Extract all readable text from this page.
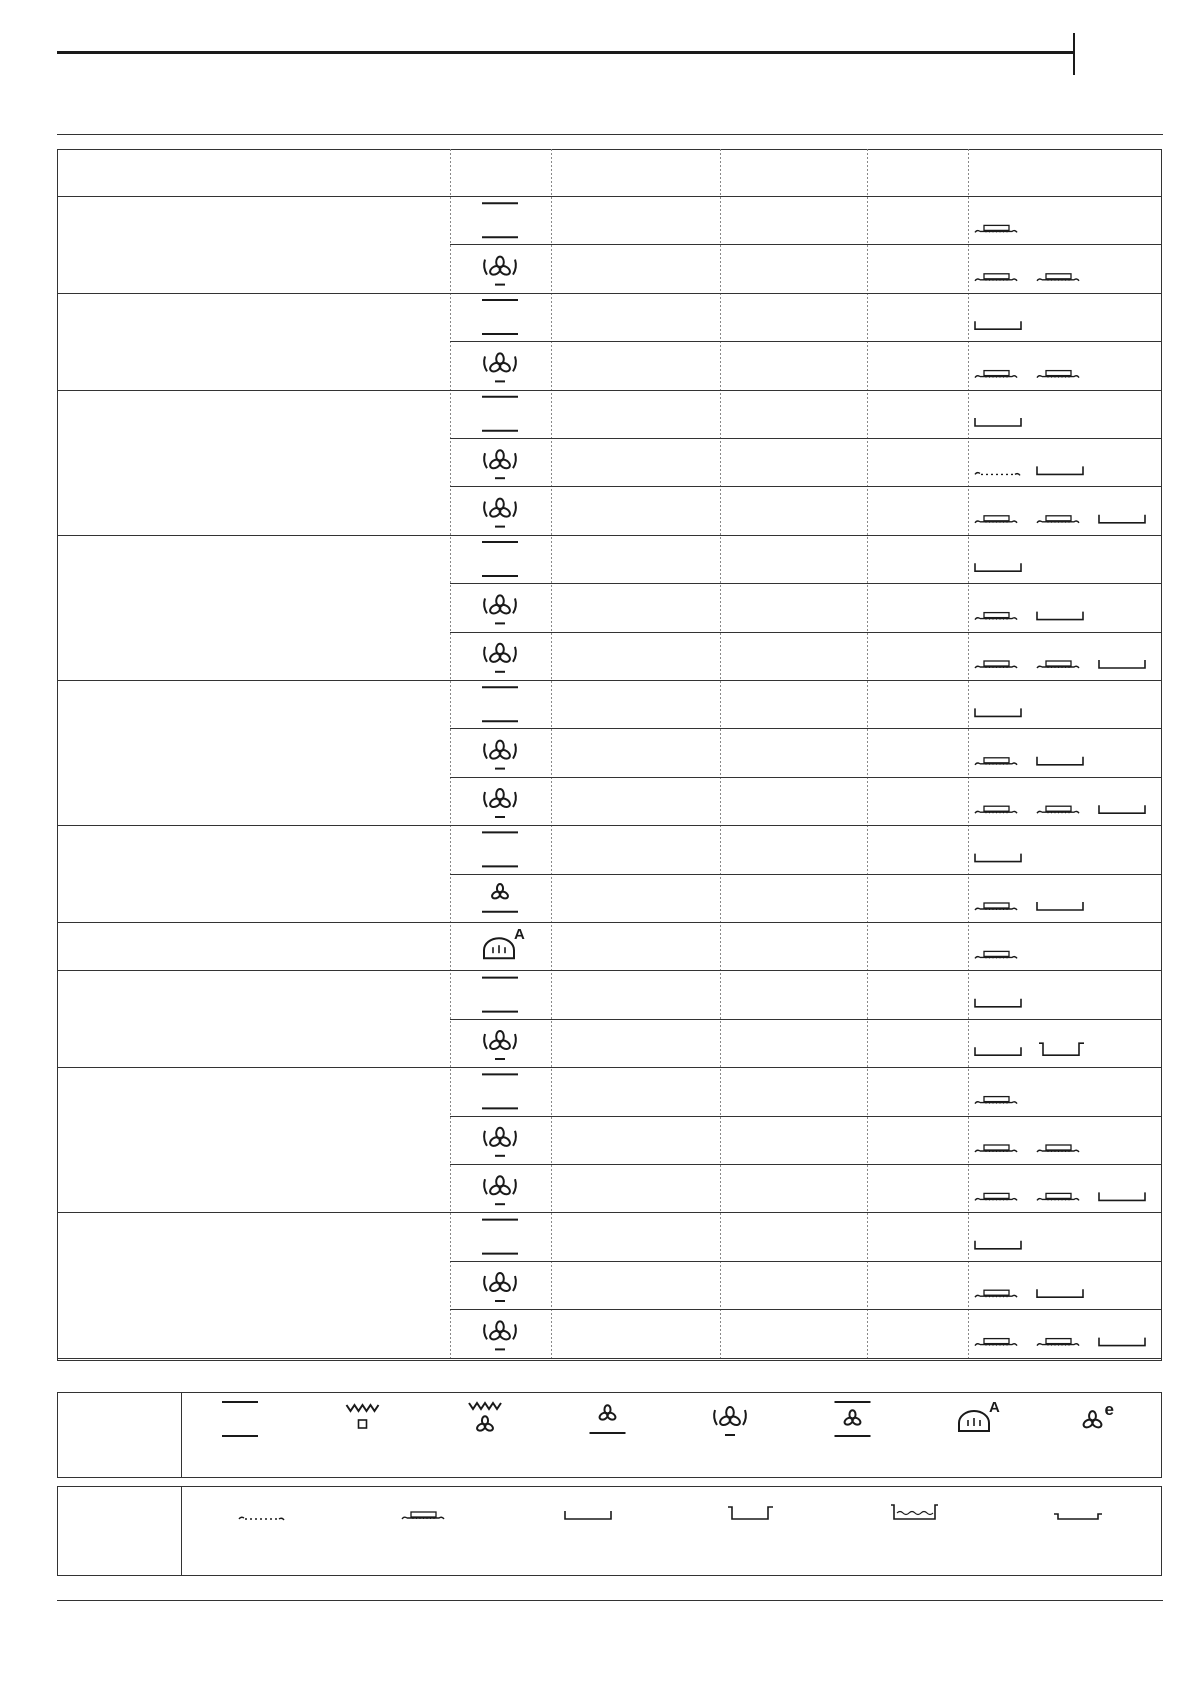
A
A	e
